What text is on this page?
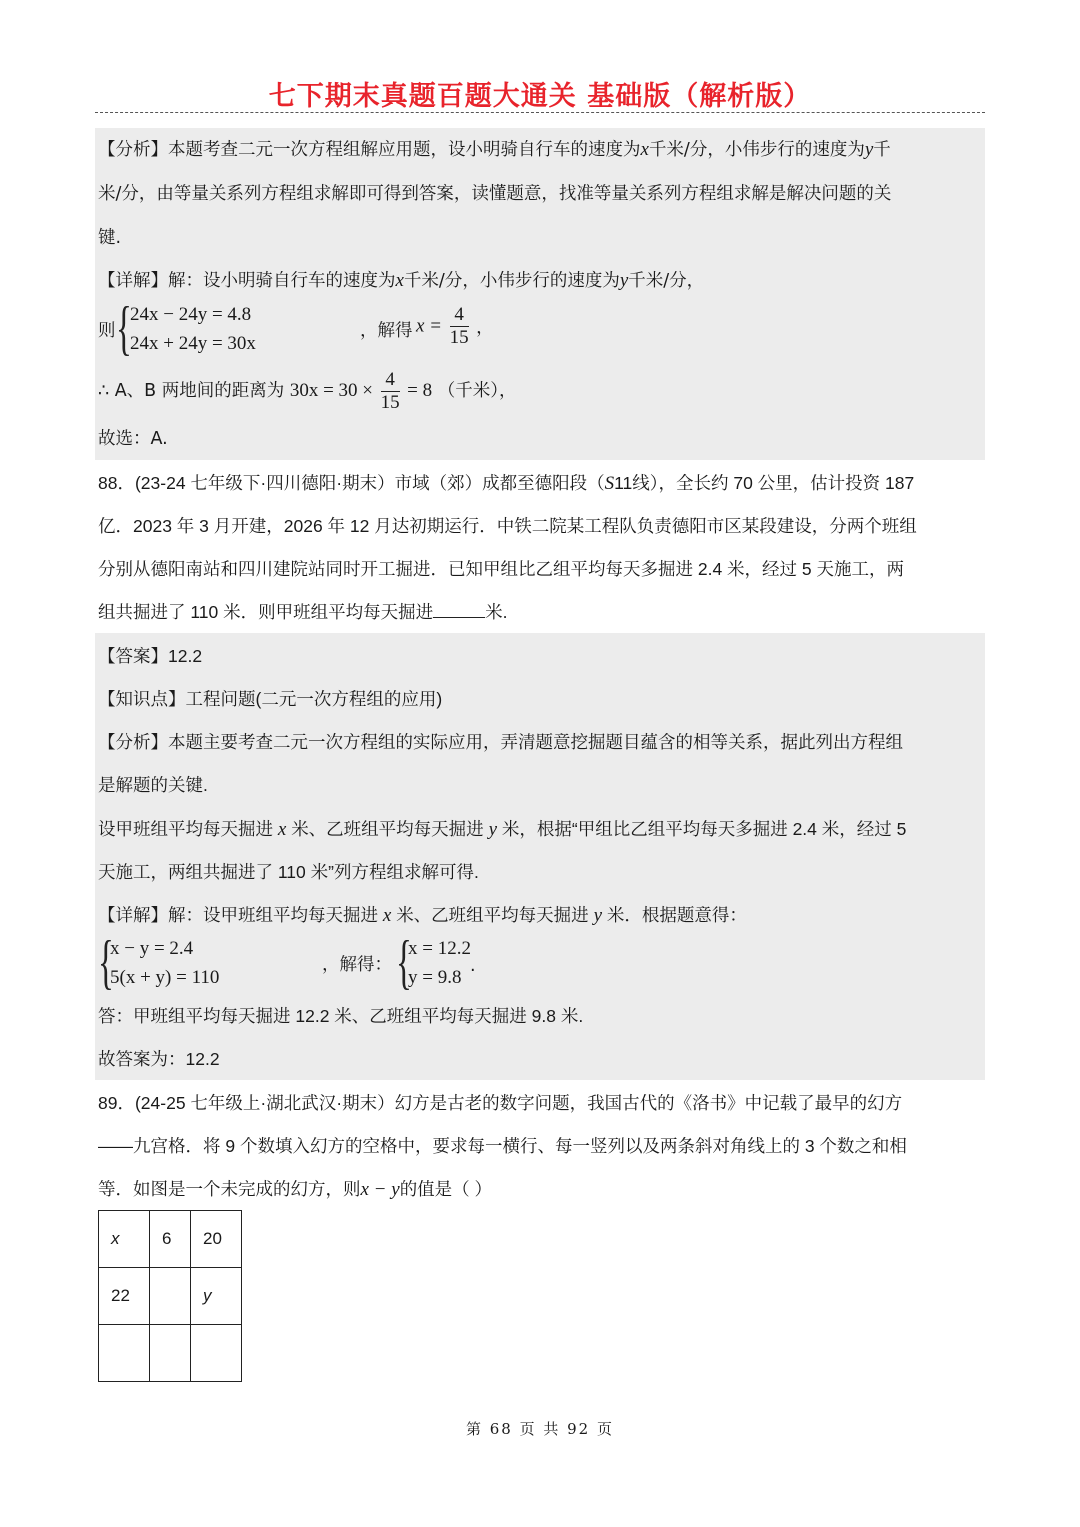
七下期末真题百题大通关 基础版（解析版）
【分析】本题考查二元一次方程组解应用题，设小明骑自行车的速度为x千米/分，小伟步行的速度为y千
米/分，由等量关系列方程组求解即可得到答案，读懂题意，找准等量关系列方程组求解是解决问题的关
键.
【详解】解：设小明骑自行车的速度为x千米/分，小伟步行的速度为y千米/分，
则 {
24x − 24y = 4.8
24x + 24y = 30x
，解得 $x = \frac{4}{15}$ ，
∴ A、B 两地间的距离为 $30x = 30 \times \frac{4}{15} = 8$ （千米），
故选：A.
88．(23-24 七年级下·四川德阳·期末）市域（郊）成都至德阳段（S11线），全长约 70 公里，估计投资 187
亿．2023 年 3 月开建，2026 年 12 月达初期运行．中铁二院某工程队负责德阳市区某段建设，分两个班组
分别从德阳南站和四川建院站同时开工掘进．已知甲组比乙组平均每天多掘进 2.4 米，经过 5 天施工，两
组共掘进了 110 米．则甲班组平均每天掘进	米.
【答案】12.2
【知识点】工程问题(二元一次方程组的应用)
【分析】本题主要考查二元一次方程组的实际应用，弄清题意挖掘题目蕴含的相等关系，据此列出方程组
是解题的关键.
设甲班组平均每天掘进 x 米、乙班组平均每天掘进 y 米，根据“甲组比乙组平均每天多掘进 2.4 米，经过 5
天施工，两组共掘进了 110 米”列方程组求解可得.
【详解】解：设甲班组平均每天掘进 x 米、乙班组平均每天掘进 y 米．根据题意得：
{
x − y = 2.4
5(x + y) = 110
，解得： {
x = 12.2
y = 9.8
.
答：甲班组平均每天掘进 12.2 米、乙班组平均每天掘进 9.8 米.
故答案为：12.2
89．(24-25 七年级上·湖北武汉·期末）幻方是古老的数字问题，我国古代的《洛书》中记载了最早的幻方
——九宫格．将 9 个数填入幻方的空格中，要求每一横行、每一竖列以及两条斜对角线上的 3 个数之和相
等．如图是一个未完成的幻方，则x − y的值是（ ）
x	6	20
22		y

第 68 页 共 92 页
